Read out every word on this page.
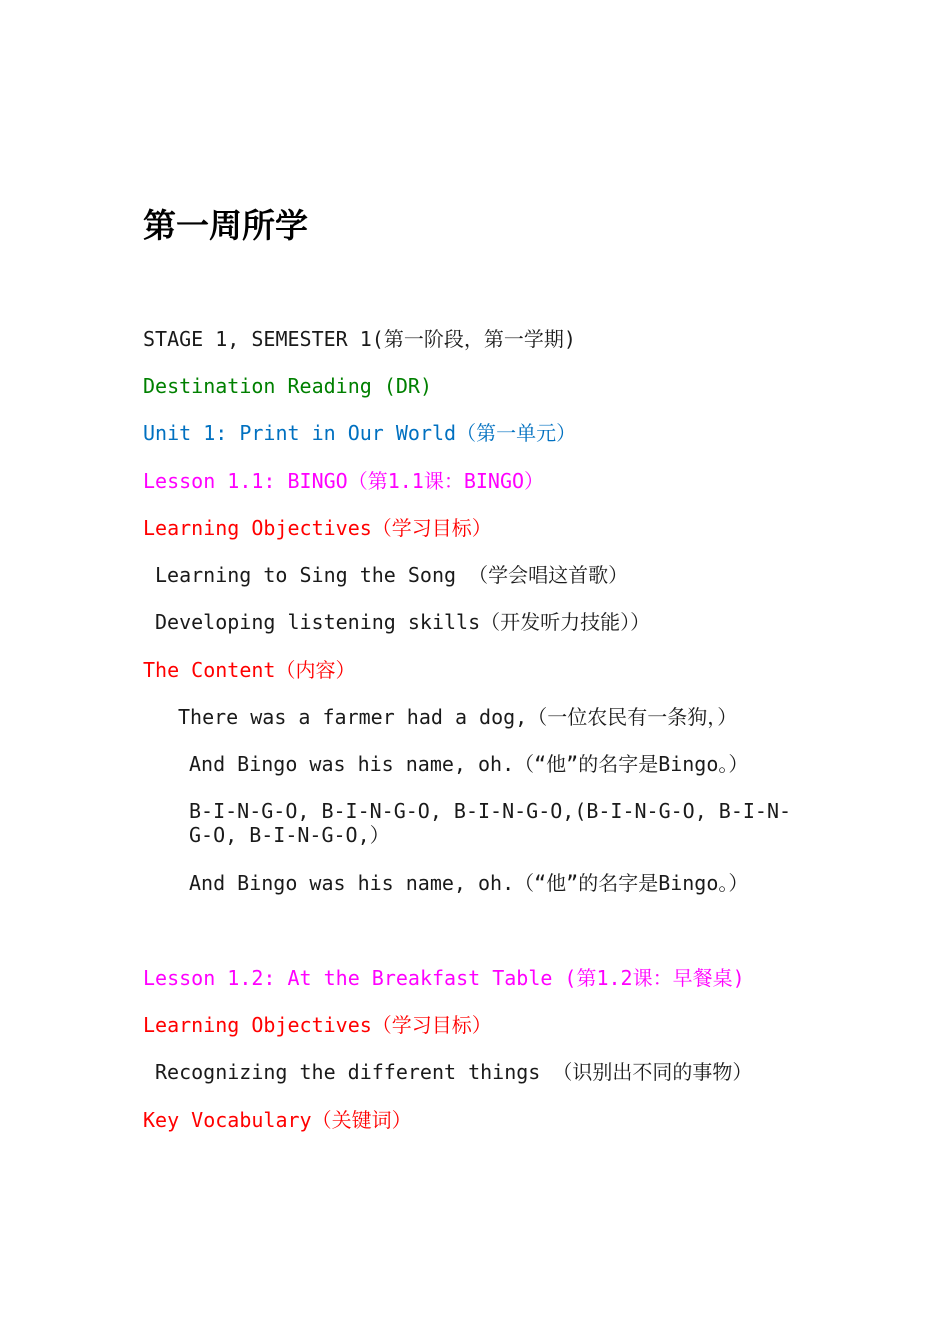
第一周所学
STAGE 1, SEMESTER 1(第一阶段，第一学期)
Destination Reading (DR)
Unit 1: Print in Our World（第一单元）
Lesson 1.1: BINGO（第1.1课：BINGO）
Learning Objectives（学习目标）
Learning to Sing the Song （学会唱这首歌）
Developing listening skills（开发听力技能））
The Content（内容）
There was a farmer had a dog,（一位农民有一条狗，）
And Bingo was his name, oh.（“他”的名字是Bingo。）
B-I-N-G-O, B-I-N-G-O, B-I-N-G-O,(B-I-N-G-O, B-I-N-G-O, B-I-N-G-O,）
And Bingo was his name, oh.（“他”的名字是Bingo。）
Lesson 1.2: At the Breakfast Table (第1.2课：早餐桌)
Learning Objectives（学习目标）
Recognizing the different things （识别出不同的事物）
Key Vocabulary（关键词）
